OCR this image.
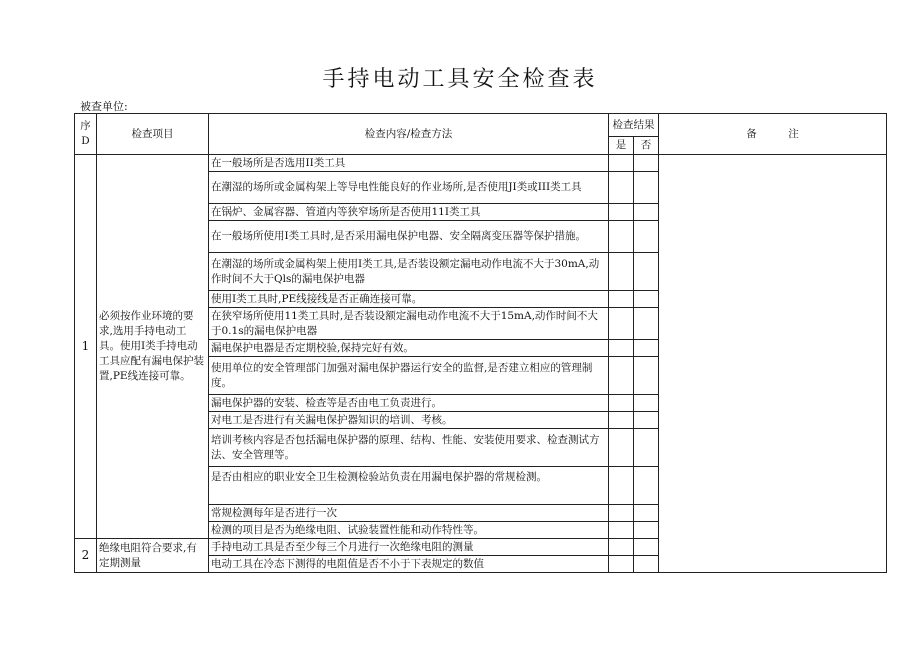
手持电动工具安全检查表
被查单位:
序 D	检查项目	检查内容/检查方法	检查结果		备　　　注
			是	否	
1	必须按作业环境的要求,选用手持电动工具。使用I类手持电动工具应配有漏电保护装置,PE线连接可靠。	在一般场所是否选用II类工具			
		在潮湿的场所或金属构架上等导电性能良好的作业场所,是否使用JI类或III类工具			
		在锅炉、金属容器、管道内等狭窄场所是否使用11I类工具			
		在一般场所使用I类工具时,是否采用漏电保护电器、安全隔离变压器等保护措施。			
		在潮湿的场所或金属构架上使用I类工具,是否装设额定漏电动作电流不大于30mA,动作时间不大于Qls的漏电保护电器			
		使用I类工具时,PE线接线是否正确连接可靠。			
		在狭窄场所使用11类工具时,是否装设额定漏电动作电流不大于15mA,动作时间不大于0.1s的漏电保护电器			
		漏电保护电器是否定期校验,保持完好有效。			
		使用单位的安全管理部门加强对漏电保护器运行安全的监督,是否建立相应的管理制度。			
		漏电保护器的安装、检查等是否由电工负责进行。			
		对电工是否进行有关漏电保护器知识的培训、考核。			
		培训考核内容是否包括漏电保护器的原理、结构、性能、安装使用要求、检查测试方法、安全管理等。			
		是否由相应的职业安全卫生检测检验站负责在用漏电保护器的常规检测。			
		常规检测每年是否进行一次			
		检测的项目是否为绝缘电阻、试验装置性能和动作特性等。			
2	绝缘电阻符合要求,有定期测量	手持电动工具是否至少每三个月进行一次绝缘电阻的测量			
		电动工具在冷态下测得的电阻值是否不小于下表规定的数值			
